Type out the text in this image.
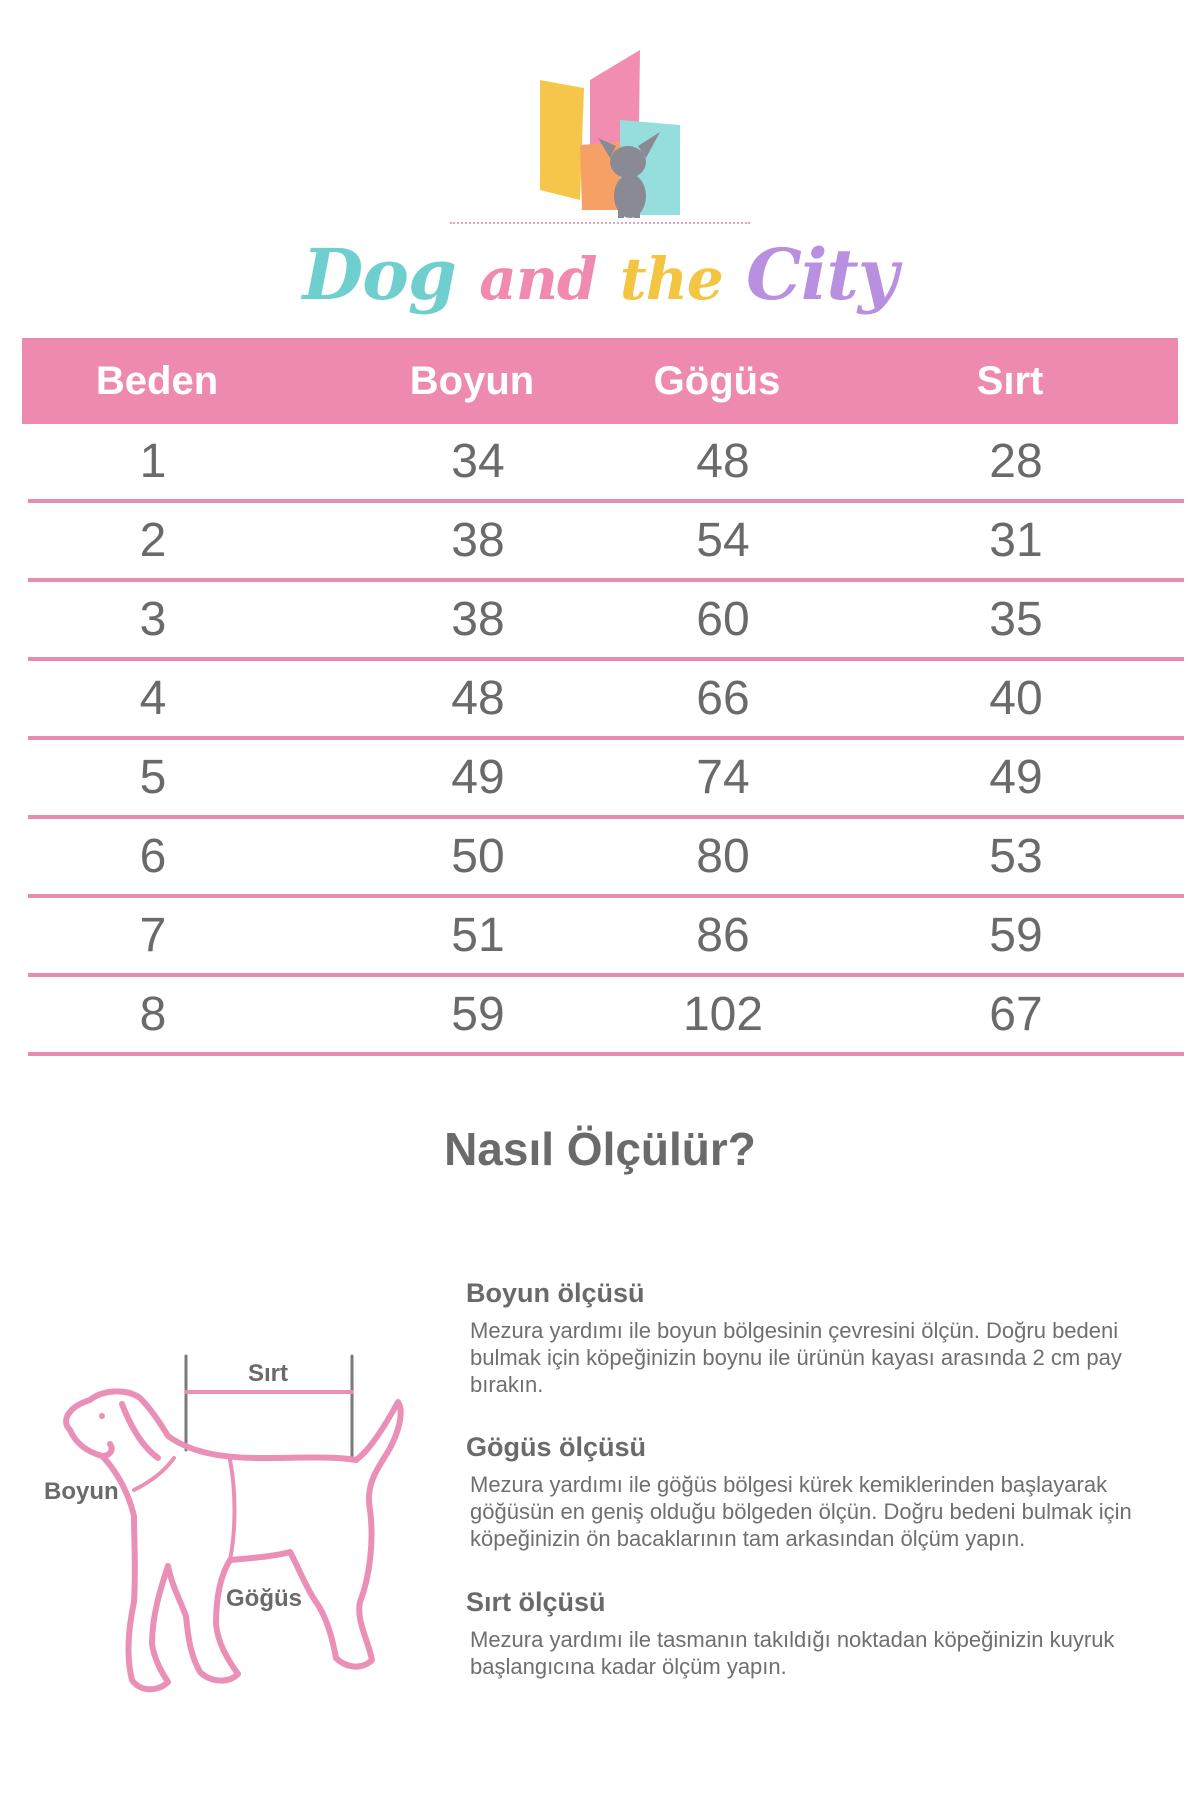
Dog and the City
Beden	Boyun	Gögüs	Sırt
1	34	48	28
2	38	54	31
3	38	60	35
4	48	66	40
5	49	74	49
6	50	80	53
7	51	86	59
8	59	102	67
Nasıl Ölçülür?
Sırt
Boyun
Göğüs
Boyun ölçüsü

Mezura yardımı ile boyun bölgesinin çevresini ölçün. Doğru bedeni bulmak için köpeğinizin boynu ile ürünün kayası arasında 2 cm pay bırakın.

Gögüs ölçüsü

Mezura yardımı ile göğüs bölgesi kürek kemiklerinden başlayarak göğüsün en geniş olduğu bölgeden ölçün. Doğru bedeni bulmak için köpeğinizin ön bacaklarının tam arkasından ölçüm yapın.

Sırt ölçüsü

Mezura yardımı ile tasmanın takıldığı noktadan köpeğinizin kuyruk başlangıcına kadar ölçüm yapın.
